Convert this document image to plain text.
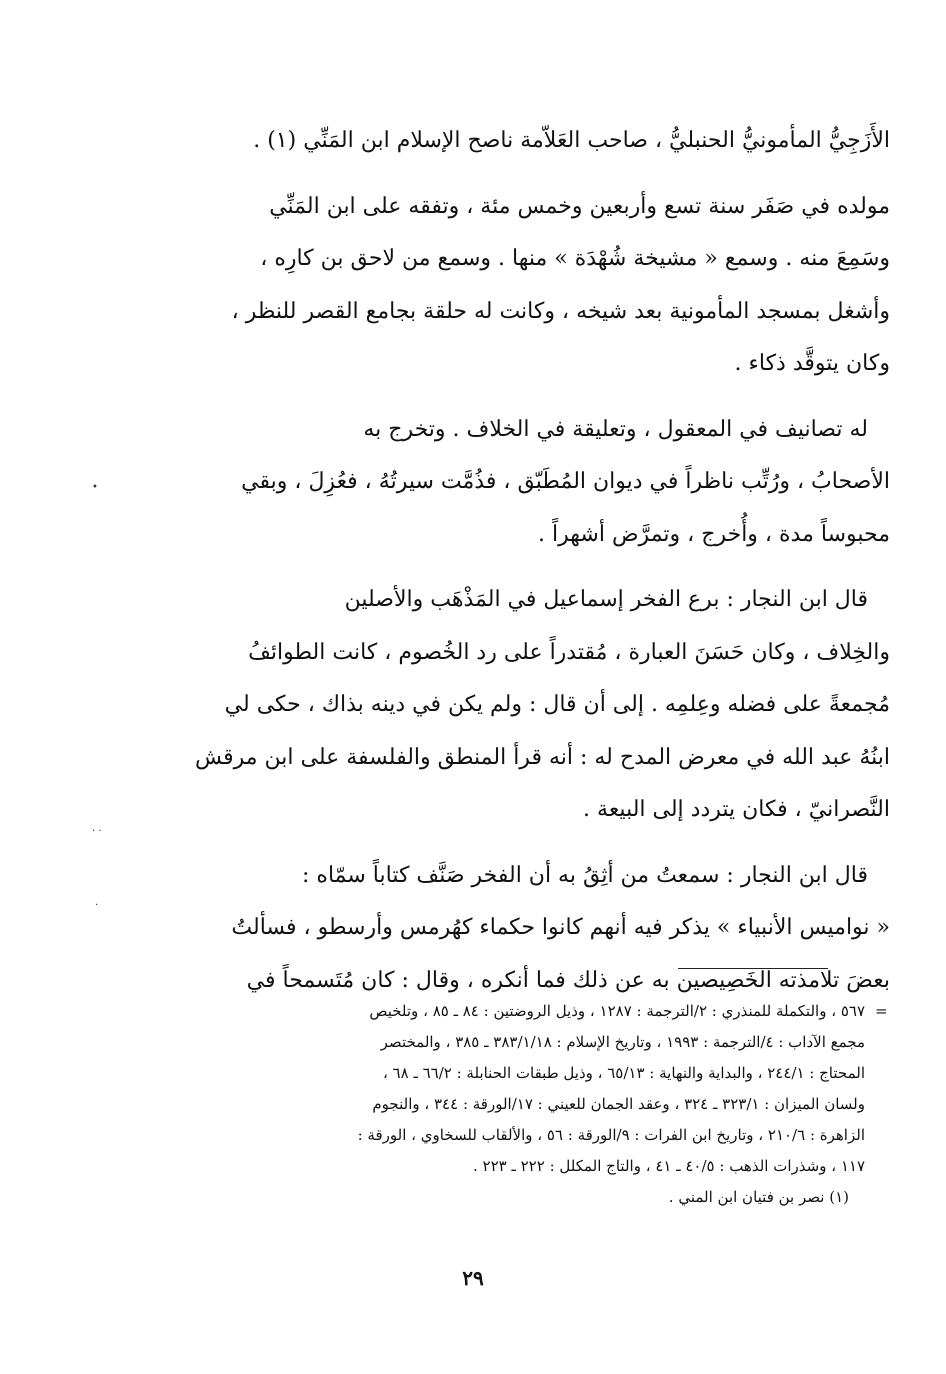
الأَزَجِيُّ المأمونيُّ الحنبليُّ ، صاحب العَلاّمة ناصح الإسلام ابن المَنِّي (١) .

مولده في صَفَر سنة تسع وأربعين وخمس مئة ، وتفقه على ابن المَنِّي

وسَمِعَ منه . وسمع « مشيخة شُهْدَة » منها . وسمع من لاحق بن كارِه ،

وأشغل بمسجد المأمونية بعد شيخه ، وكانت له حلقة بجامع القصر للنظر ،

وكان يتوقَّد ذكاء .

له تصانيف في المعقول ، وتعليقة في الخلاف . وتخرج به

الأصحابُ ، ورُتِّب ناظراً في ديوان المُطَبّق ، فذُمَّت سيرتُهُ ، فعُزِلَ ، وبقي

محبوساً مدة ، وأُخرج ، وتمرَّض أشهراً .

قال ابن النجار : برع الفخر إسماعيل في المَذْهَب والأصلين

والخِلاف ، وكان حَسَنَ العبارة ، مُقتدراً على رد الخُصوم ، كانت الطوائفُ

مُجمعةً على فضله وعِلمِه . إلى أن قال : ولم يكن في دينه بذاك ، حكى لي

ابنُهُ عبد الله في معرض المدح له : أنه قرأ المنطق والفلسفة على ابن مرقش

النَّصرانيّ ، فكان يتردد إلى البيعة .

قال ابن النجار : سمعتُ من أثِقُ به أن الفخر صَنَّف كتاباً سمّاه :

« نواميس الأنبياء » يذكر فيه أنهم كانوا حكماء كهُرمس وأرسطو ، فسألتُ

بعضَ تلامذته الخَصِيصين به عن ذلك فما أنكره ، وقال : كان مُتَسمحاً في

=

٥٦٧ ، والتكملة للمنذري : ٢/الترجمة : ١٢٨٧ ، وذيل الروضتين : ٨٤ ـ ٨٥ ، وتلخيص

مجمع الآداب : ٤/الترجمة : ١٩٩٣ ، وتاريخ الإسلام : ٣٨٣/١/١٨ ـ ٣٨٥ ، والمختصر

المحتاج : ٢٤٤/١ ، والبداية والنهاية : ٦٥/١٣ ، وذيل طبقات الحنابلة : ٦٦/٢ ـ ٦٨ ،

ولسان الميزان : ٣٢٣/١ ـ ٣٢٤ ، وعقد الجمان للعيني : ١٧/الورقة : ٣٤٤ ، والنجوم

الزاهرة : ٢١٠/٦ ، وتاريخ ابن الفرات : ٩/الورقة : ٥٦ ، والألقاب للسخاوي ، الورقة :

١١٧ ، وشذرات الذهب : ٤٠/٥ ـ ٤١ ، والتاج المكلل : ٢٢٢ ـ ٢٢٣ .

(١) نصر بن فتيان ابن المني .

٢٩
•
· ·
·
